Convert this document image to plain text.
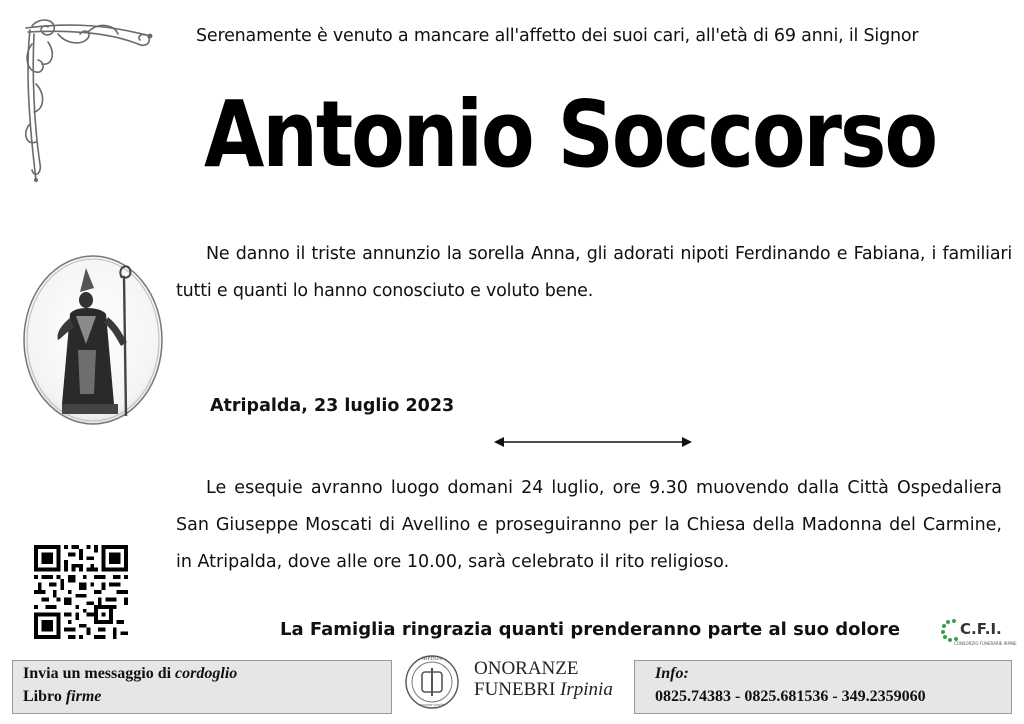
Serenamente è venuto a mancare all'affetto dei suoi cari, all'età di 69 anni, il Signor
Antonio Soccorso
Ne danno il triste annunzio la sorella Anna, gli adorati nipoti Ferdinando e Fabiana, i familiari tutti e quanti lo hanno conosciuto e voluto bene.
Atripalda, 23 luglio 2023
Le esequie avranno luogo domani 24 luglio, ore 9.30 muovendo dalla Città Ospedaliera San Giuseppe Moscati di Avellino e proseguiranno per la Chiesa della Madonna del Carmine, in Atripalda, dove alle ore 10.00, sarà celebrato il rito religioso.
La Famiglia ringrazia quanti prenderanno parte al suo dolore	C.F.I.
CONSORZIO FUNERARIE IRPINE
Invia un messaggio di cordoglio
Libro firme
IRPINIA
onoranze funebri
ONORANZE
FUNEBRI Irpinia
Info:
0825.74383 - 0825.681536 - 349.2359060
